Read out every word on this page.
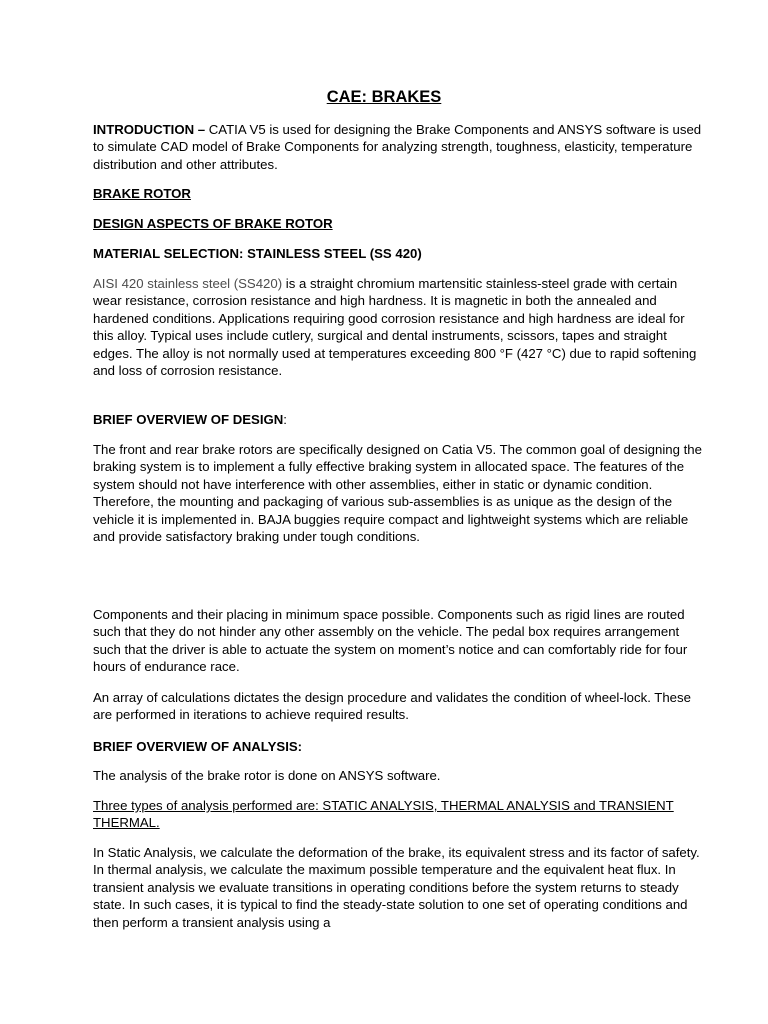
CAE: BRAKES

INTRODUCTION – CATIA V5 is used for designing the Brake Components and ANSYS software is used to simulate CAD model of Brake Components for analyzing strength, toughness, elasticity, temperature distribution and other attributes.

BRAKE ROTOR

DESIGN ASPECTS OF BRAKE ROTOR

MATERIAL SELECTION: STAINLESS STEEL (SS 420)

AISI 420 stainless steel (SS420) is a straight chromium martensitic stainless-steel grade with certain wear resistance, corrosion resistance and high hardness. It is magnetic in both the annealed and hardened conditions. Applications requiring good corrosion resistance and high hardness are ideal for this alloy. Typical uses include cutlery, surgical and dental instruments, scissors, tapes and straight edges. The alloy is not normally used at temperatures exceeding 800 °F (427 °C) due to rapid softening and loss of corrosion resistance.

BRIEF OVERVIEW OF DESIGN:

The front and rear brake rotors are specifically designed on Catia V5. The common goal of designing the braking system is to implement a fully effective braking system in allocated space. The features of the system should not have interference with other assemblies, either in static or dynamic condition. Therefore, the mounting and packaging of various sub-assemblies is as unique as the design of the vehicle it is implemented in. BAJA buggies require compact and lightweight systems which are reliable and provide satisfactory braking under tough conditions.

Components and their placing in minimum space possible. Components such as rigid lines are routed such that they do not hinder any other assembly on the vehicle. The pedal box requires arrangement such that the driver is able to actuate the system on moment’s notice and can comfortably ride for four hours of endurance race.

An array of calculations dictates the design procedure and validates the condition of wheel-lock. These are performed in iterations to achieve required results.

BRIEF OVERVIEW OF ANALYSIS:

The analysis of the brake rotor is done on ANSYS software.

Three types of analysis performed are: STATIC ANALYSIS, THERMAL ANALYSIS and TRANSIENT THERMAL.

In Static Analysis, we calculate the deformation of the brake, its equivalent stress and its factor of safety. In thermal analysis, we calculate the maximum possible temperature and the equivalent heat flux. In transient analysis we evaluate transitions in operating conditions before the system returns to steady state. In such cases, it is typical to find the steady-state solution to one set of operating conditions and then perform a transient analysis using a
